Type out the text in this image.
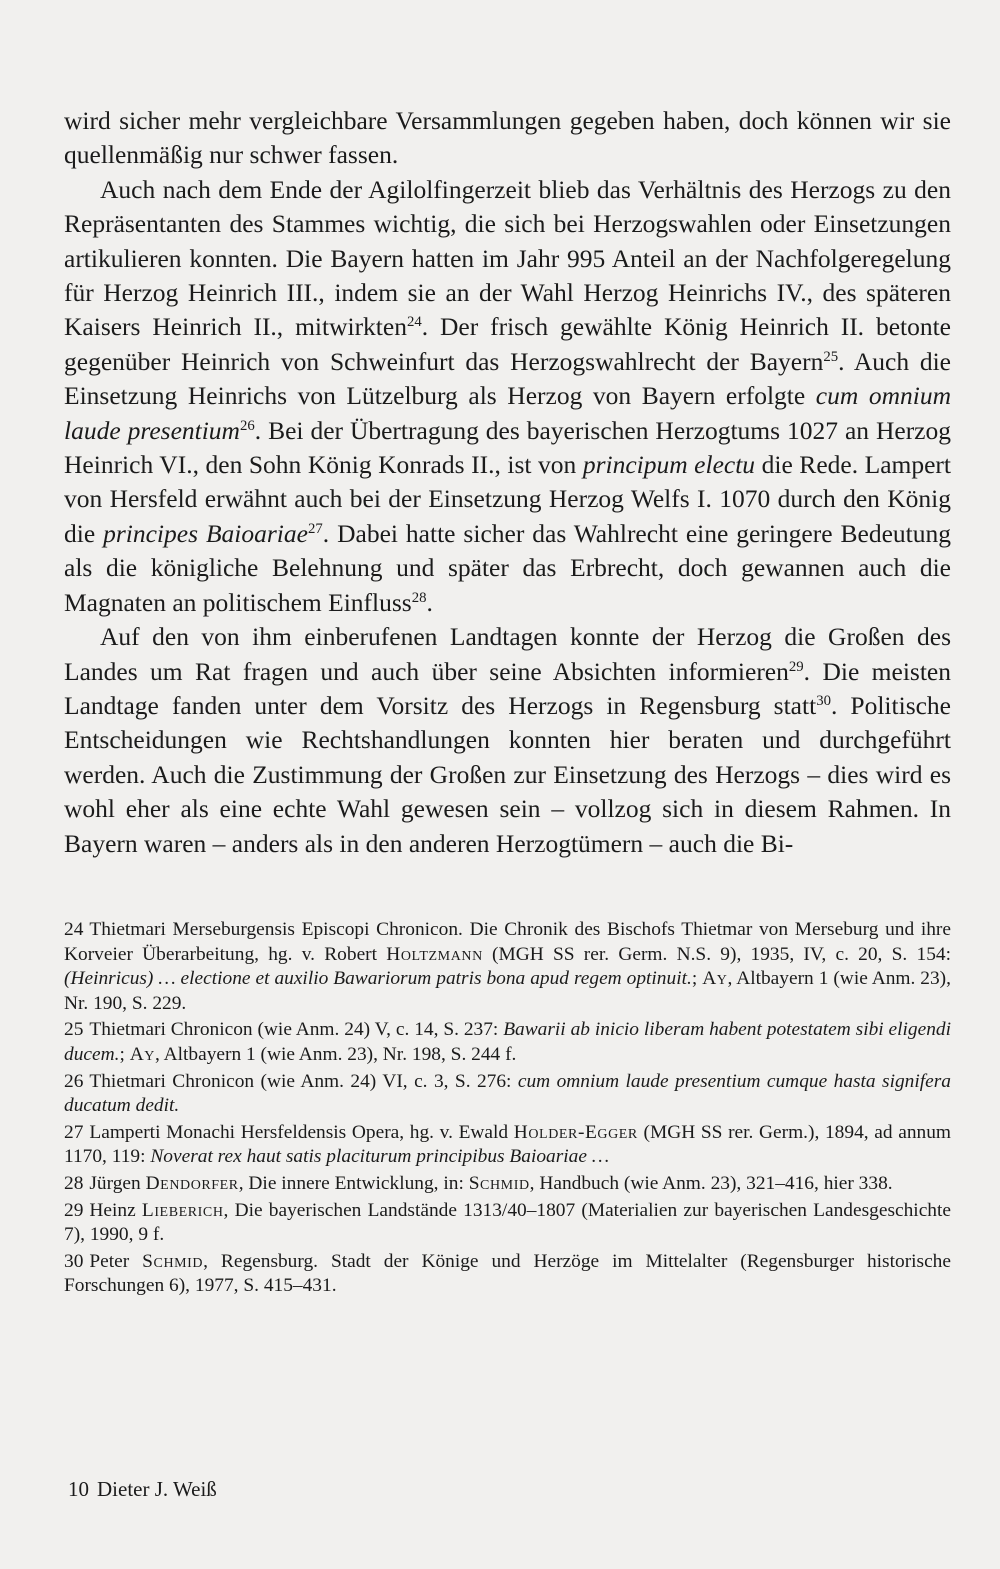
wird sicher mehr vergleichbare Versammlungen gegeben haben, doch können wir sie quellenmäßig nur schwer fassen.

Auch nach dem Ende der Agilolfingerzeit blieb das Verhältnis des Herzogs zu den Repräsentanten des Stammes wichtig, die sich bei Herzogswahlen oder Einsetzungen artikulieren konnten. Die Bayern hatten im Jahr 995 Anteil an der Nachfolgeregelung für Herzog Heinrich III., indem sie an der Wahl Herzog Heinrichs IV., des späteren Kaisers Heinrich II., mitwirkten$^{24}$. Der frisch gewählte König Heinrich II. betonte gegenüber Heinrich von Schweinfurt das Herzogswahlrecht der Bayern$^{25}$. Auch die Einsetzung Heinrichs von Lützelburg als Herzog von Bayern erfolgte cum omnium laude presentium$^{26}$. Bei der Übertragung des bayerischen Herzogtums 1027 an Herzog Heinrich VI., den Sohn König Konrads II., ist von principum electu die Rede. Lampert von Hersfeld erwähnt auch bei der Einsetzung Herzog Welfs I. 1070 durch den König die principes Baioariae$^{27}$. Dabei hatte sicher das Wahlrecht eine geringere Bedeutung als die königliche Belehnung und später das Erbrecht, doch gewannen auch die Magnaten an politischem Einfluss$^{28}$.

Auf den von ihm einberufenen Landtagen konnte der Herzog die Großen des Landes um Rat fragen und auch über seine Absichten informieren$^{29}$. Die meisten Landtage fanden unter dem Vorsitz des Herzogs in Regensburg statt$^{30}$. Politische Entscheidungen wie Rechtshandlungen konnten hier beraten und durchgeführt werden. Auch die Zustimmung der Großen zur Einsetzung des Herzogs – dies wird es wohl eher als eine echte Wahl gewesen sein – vollzog sich in diesem Rahmen. In Bayern waren – anders als in den anderen Herzogtümern – auch die Bi-

24 Thietmari Merseburgensis Episcopi Chronicon. Die Chronik des Bischofs Thietmar von Merseburg und ihre Korveier Überarbeitung, hg. v. Robert Holtzmann (MGH SS rer. Germ. N.S. 9), 1935, IV, c. 20, S. 154: (Heinricus) … electione et auxilio Bawariorum patris bona apud regem optinuit.; Ay, Altbayern 1 (wie Anm. 23), Nr. 190, S. 229.

25 Thietmari Chronicon (wie Anm. 24) V, c. 14, S. 237: Bawarii ab inicio liberam habent potestatem sibi eligendi ducem.; Ay, Altbayern 1 (wie Anm. 23), Nr. 198, S. 244 f.

26 Thietmari Chronicon (wie Anm. 24) VI, c. 3, S. 276: cum omnium laude presentium cumque hasta signifera ducatum dedit.

27 Lamperti Monachi Hersfeldensis Opera, hg. v. Ewald Holder-Egger (MGH SS rer. Germ.), 1894, ad annum 1170, 119: Noverat rex haut satis placiturum principibus Baioariae …

28 Jürgen Dendorfer, Die innere Entwicklung, in: Schmid, Handbuch (wie Anm. 23), 321–416, hier 338.

29 Heinz Lieberich, Die bayerischen Landstände 1313/40–1807 (Materialien zur bayerischen Landesgeschichte 7), 1990, 9 f.

30 Peter Schmid, Regensburg. Stadt der Könige und Herzöge im Mittelalter (Regensburger historische Forschungen 6), 1977, S. 415–431.

10 Dieter J. Weiß
